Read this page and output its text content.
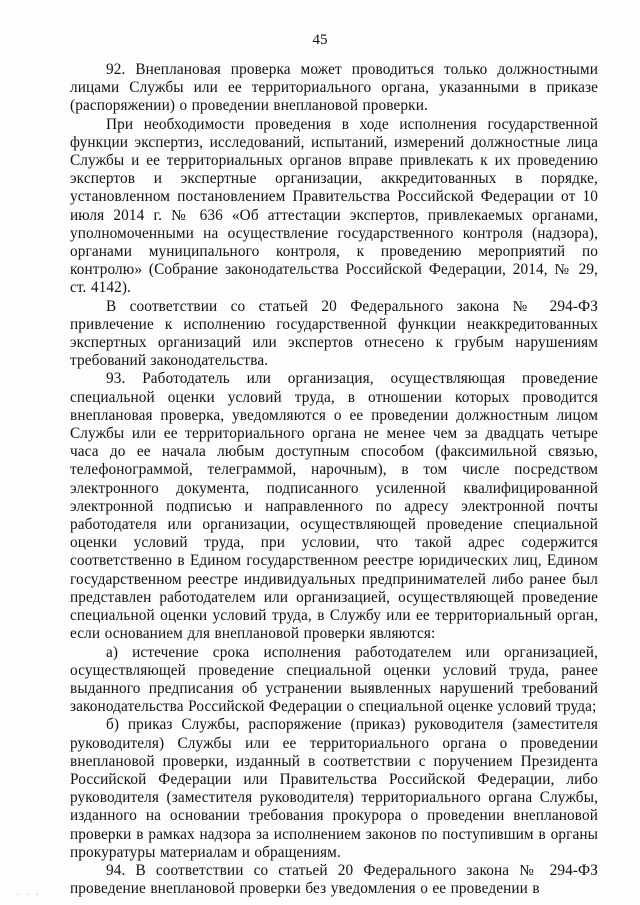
45

92. Внеплановая проверка может проводиться только должностными лицами Службы или ее территориального органа, указанными в приказе (распоряжении) о проведении внеплановой проверки.

При необходимости проведения в ходе исполнения государственной функции экспертиз, исследований, испытаний, измерений должностные лица Службы и ее территориальных органов вправе привлекать к их проведению экспертов и экспертные организации, аккредитованных в порядке, установленном постановлением Правительства Российской Федерации от 10 июля 2014 г. № 636 «Об аттестации экспертов, привлекаемых органами, уполномоченными на осуществление государственного контроля (надзора), органами муниципального контроля, к проведению мероприятий по контролю» (Собрание законодательства Российской Федерации, 2014, № 29, ст. 4142).

В соответствии со статьей 20 Федерального закона № 294-ФЗ привлечение к исполнению государственной функции неаккредитованных экспертных организаций или экспертов отнесено к грубым нарушениям требований законодательства.

93. Работодатель или организация, осуществляющая проведение специальной оценки условий труда, в отношении которых проводится внеплановая проверка, уведомляются о ее проведении должностным лицом Службы или ее территориального органа не менее чем за двадцать четыре часа до ее начала любым доступным способом (факсимильной связью, телефонограммой, телеграммой, нарочным), в том числе посредством электронного документа, подписанного усиленной квалифицированной электронной подписью и направленного по адресу электронной почты работодателя или организации, осуществляющей проведение специальной оценки условий труда, при условии, что такой адрес содержится соответственно в Едином государственном реестре юридических лиц, Едином государственном реестре индивидуальных предпринимателей либо ранее был представлен работодателем или организацией, осуществляющей проведение специальной оценки условий труда, в Службу или ее территориальный орган, если основанием для внеплановой проверки являются:

а) истечение срока исполнения работодателем или организацией, осуществляющей проведение специальной оценки условий труда, ранее выданного предписания об устранении выявленных нарушений требований законодательства Российской Федерации о специальной оценке условий труда;

б) приказ Службы, распоряжение (приказ) руководителя (заместителя руководителя) Службы или ее территориального органа о проведении внеплановой проверки, изданный в соответствии с поручением Президента Российской Федерации или Правительства Российской Федерации, либо руководителя (заместителя руководителя) территориального органа Службы, изданного на основании требования прокурора о проведении внеплановой проверки в рамках надзора за исполнением законов по поступившим в органы прокуратуры материалам и обращениям.

94. В соответствии со статьей 20 Федерального закона № 294-ФЗ проведение внеплановой проверки без уведомления о ее проведении в

· · ·
